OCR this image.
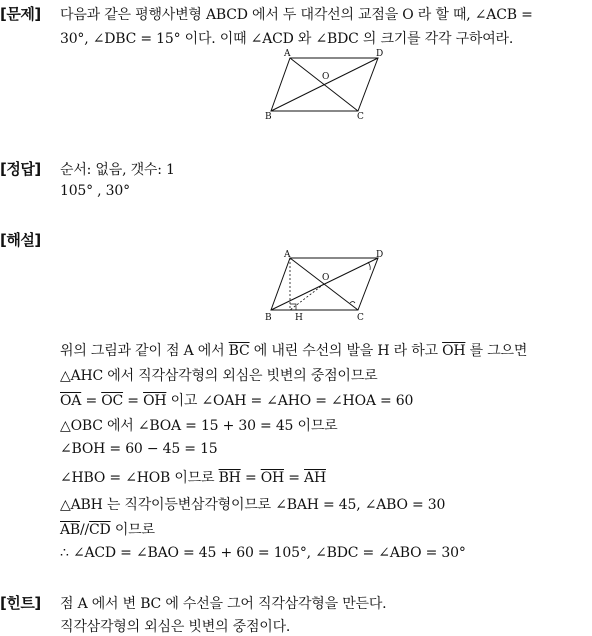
[문제] 다음과 같은 평행사변형 ABCD 에서 두 대각선의 교점을 O 라 할 때, ∠ACB =
30°, ∠DBC = 15° 이다. 이때 ∠ACD 와 ∠BDC 의 크기를 각각 구하여라.
A	D
O
B	C
[정답] 순서: 없음, 갯수: 1
105° , 30°
[해설]
A	D
O
B	H	C
위의 그림과 같이 점 A 에서 $\overline{BC}$ 에 내린 수선의 발을 H 라 하고 $\overline{OH}$ 를 그으면
△AHC 에서 직각삼각형의 외심은 빗변의 중점이므로
$\overline{OA} = \overline{OC} = \overline{OH}$ 이고 ∠OAH = ∠AHO = ∠HOA = 60
△OBC 에서 ∠BOA = 15 + 30 = 45 이므로
∠BOH = 60 − 45 = 15
∠HBO = ∠HOB 이므로 $\overline{BH} = \overline{OH} = \overline{AH}$
△ABH 는 직각이등변삼각형이므로 ∠BAH = 45, ∠ABO = 30
$\overline{AB}//\overline{CD}$ 이므로
∴ ∠ACD = ∠BAO = 45 + 60 = 105°, ∠BDC = ∠ABO = 30°
[힌트] 점 A 에서 변 BC 에 수선을 그어 직각삼각형을 만든다.
직각삼각형의 외심은 빗변의 중점이다.
